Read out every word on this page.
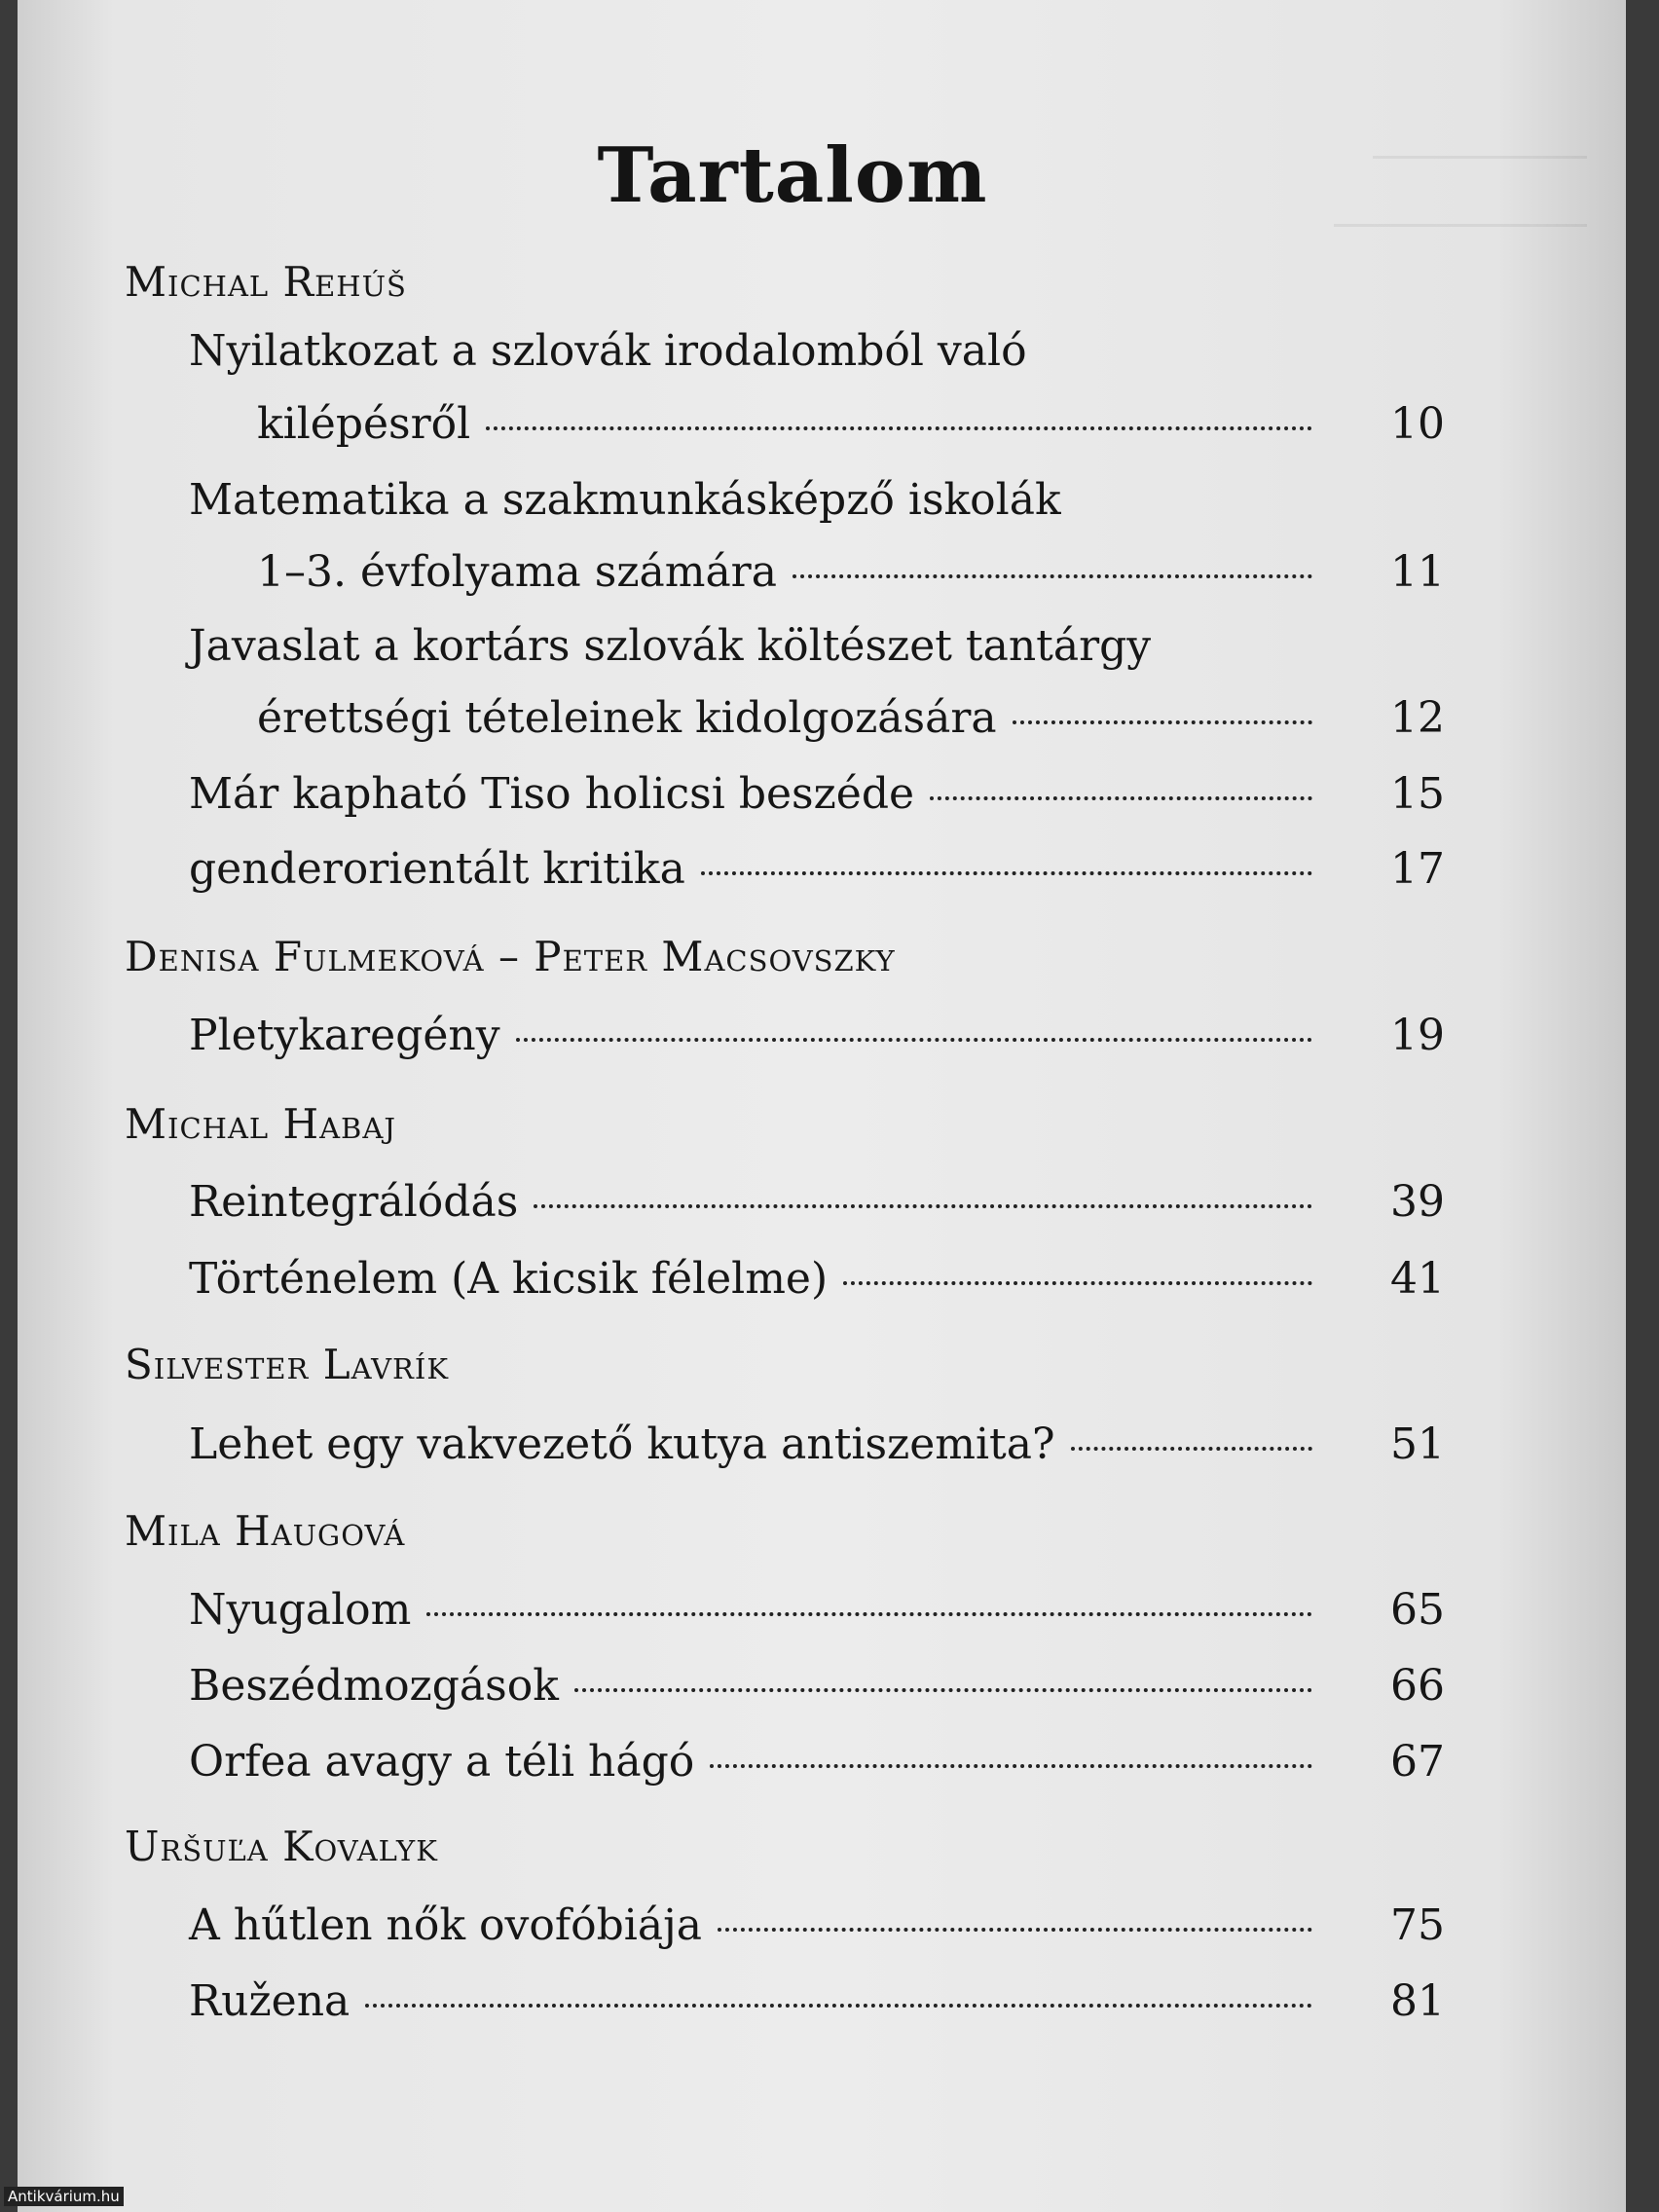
Tartalom
Michal Rehúš
Nyilatkozat a szlovák irodalomból való
kilépésről	10
Matematika a szakmunkásképző iskolák
1–3. évfolyama számára	11
Javaslat a kortárs szlovák költészet tantárgy
érettségi tételeinek kidolgozására	12
Már kapható Tiso holicsi beszéde	15
genderorientált kritika	17
Denisa Fulmeková – Peter Macsovszky
Pletykaregény	19
Michal Habaj
Reintegrálódás	39
Történelem (A kicsik félelme)	41
Silvester Lavrík
Lehet egy vakvezető kutya antiszemita?	51
Mila Haugová
Nyugalom	65
Beszédmozgások	66
Orfea avagy a téli hágó	67
Uršuľa Kovalyk
A hűtlen nők ovofóbiája	75
Ružena	81
Antikvárium.hu
